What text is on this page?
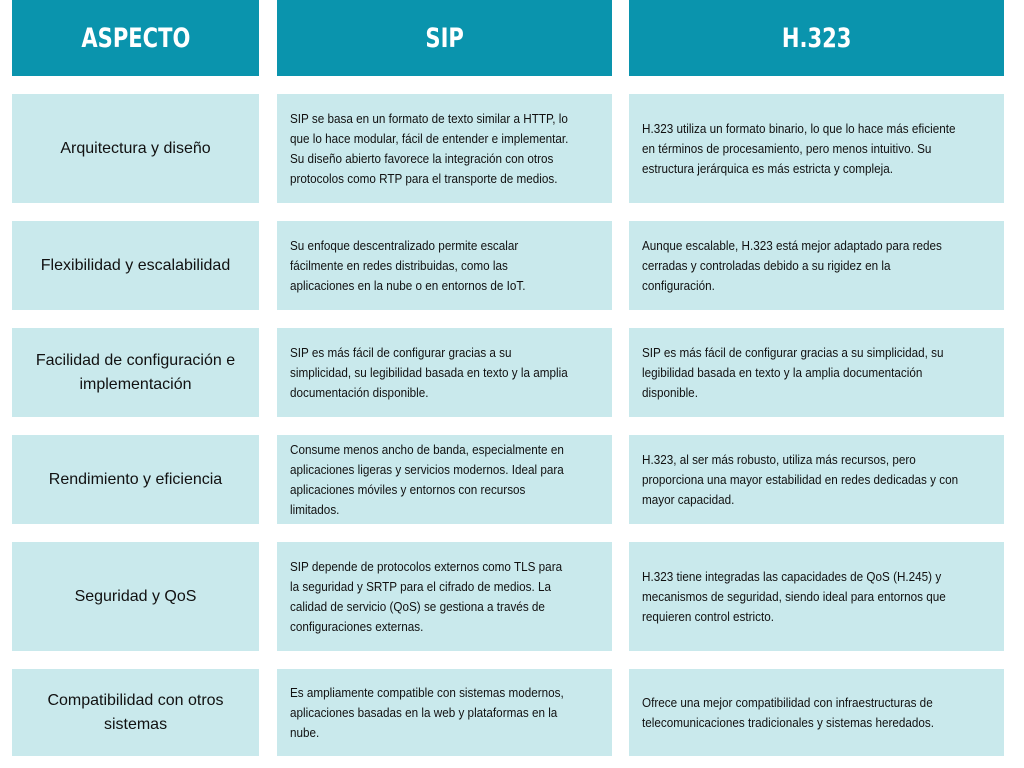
ASPECTO	SIP	H.323
Arquitectura y diseño
SIP se basa en un formato de texto similar a HTTP, lo que lo hace modular, fácil de entender e implementar. Su diseño abierto favorece la integración con otros protocolos como RTP para el transporte de medios.
H.323 utiliza un formato binario, lo que lo hace más eficiente en términos de procesamiento, pero menos intuitivo. Su estructura jerárquica es más estricta y compleja.
Flexibilidad y escalabilidad
Su enfoque descentralizado permite escalar fácilmente en redes distribuidas, como las aplicaciones en la nube o en entornos de IoT.
Aunque escalable, H.323 está mejor adaptado para redes cerradas y controladas debido a su rigidez en la configuración.
Facilidad de configuración e implementación
SIP es más fácil de configurar gracias a su simplicidad, su legibilidad basada en texto y la amplia documentación disponible.
SIP es más fácil de configurar gracias a su simplicidad, su legibilidad basada en texto y la amplia documentación disponible.
Rendimiento y eficiencia
Consume menos ancho de banda, especialmente en aplicaciones ligeras y servicios modernos. Ideal para aplicaciones móviles y entornos con recursos limitados.
H.323, al ser más robusto, utiliza más recursos, pero proporciona una mayor estabilidad en redes dedicadas y con mayor capacidad.
Seguridad y QoS
SIP depende de protocolos externos como TLS para la seguridad y SRTP para el cifrado de medios. La calidad de servicio (QoS) se gestiona a través de configuraciones externas.
H.323 tiene integradas las capacidades de QoS (H.245) y mecanismos de seguridad, siendo ideal para entornos que requieren control estricto.
Compatibilidad con otros sistemas
Es ampliamente compatible con sistemas modernos, aplicaciones basadas en la web y plataformas en la nube.
Ofrece una mejor compatibilidad con infraestructuras de telecomunicaciones tradicionales y sistemas heredados.
